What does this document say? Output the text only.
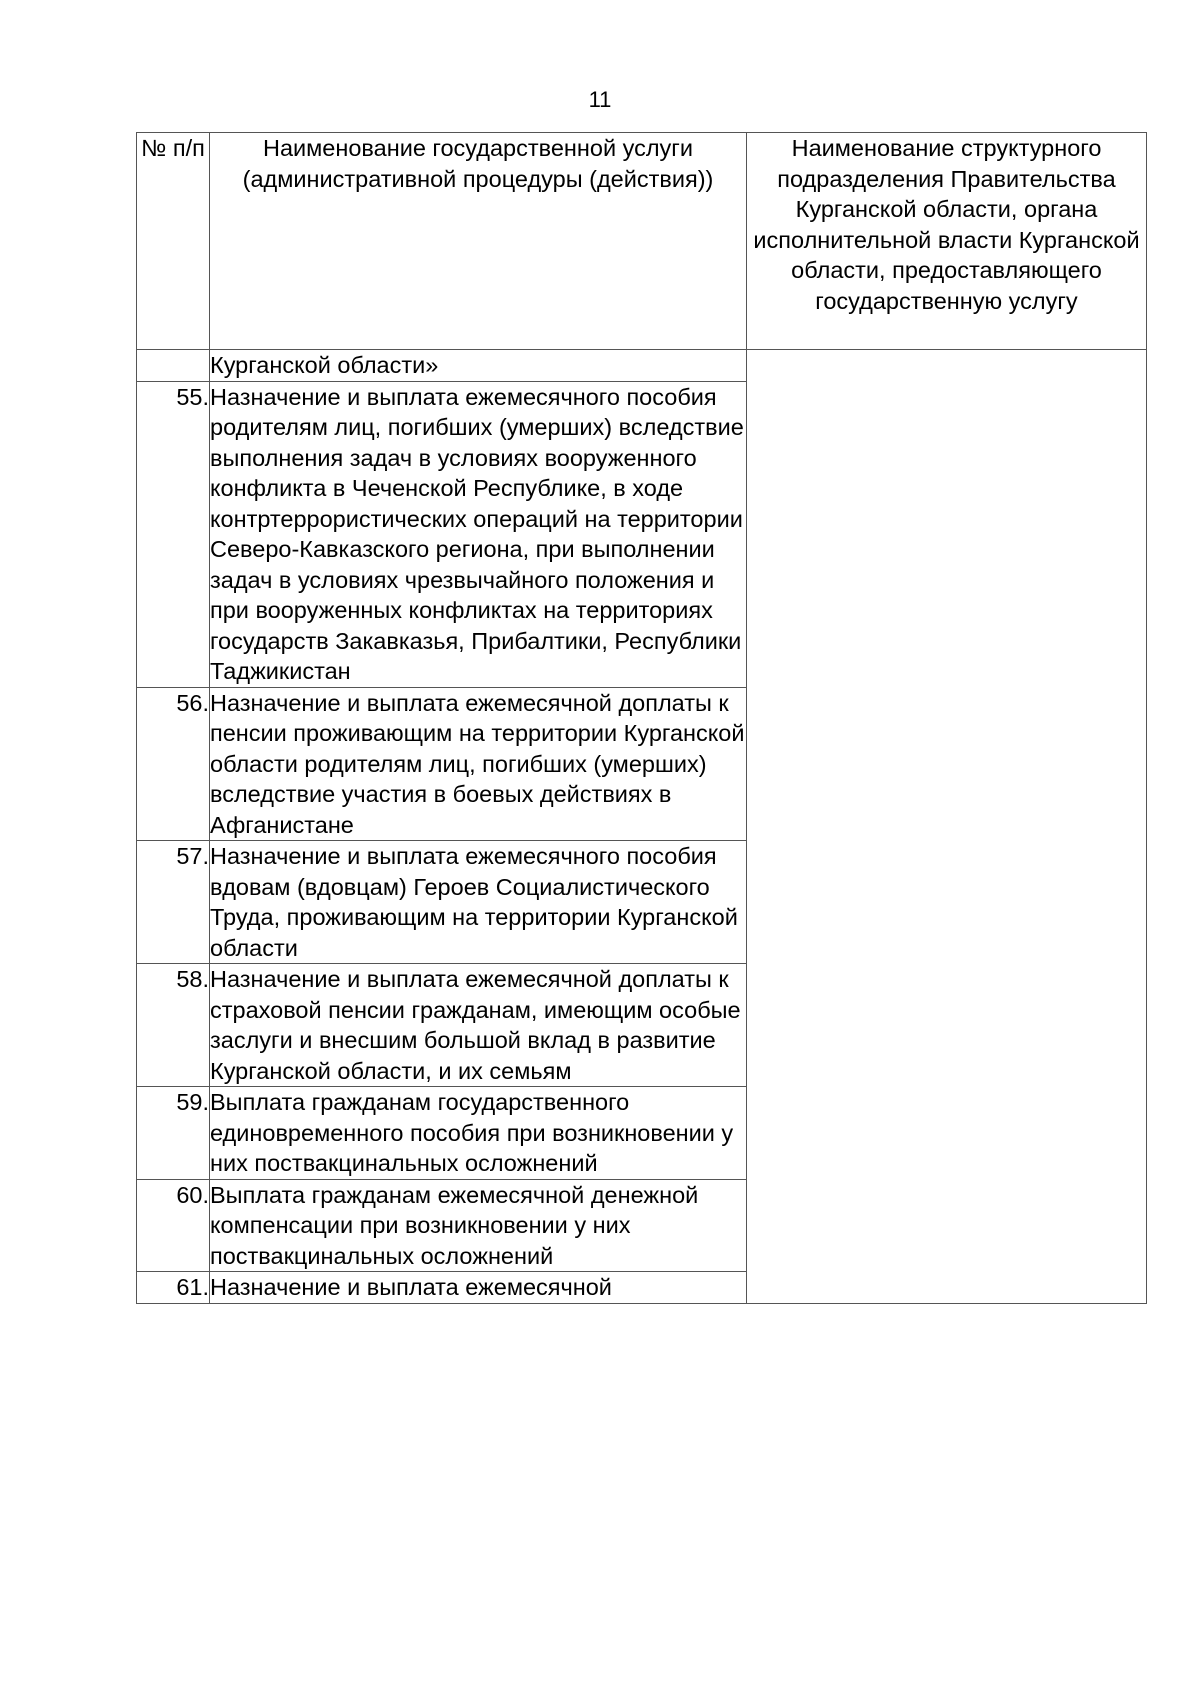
11
№ п/п	Наименование государственной услуги (административной процедуры (действия))	Наименование структурного подразделения Правительства Курганской области, органа исполнительной власти Курганской области, предоставляющего государственную услугу
	Курганской области»	
55.	Назначение и выплата ежемесячного пособия родителям лиц, погибших (умерших) вследствие выполнения задач в условиях вооруженного конфликта в Чеченской Республике, в ходе контртеррористических операций на территории Северо-Кавказского региона, при выполнении задач в условиях чрезвычайного положения и при вооруженных конфликтах на территориях государств Закавказья, Прибалтики, Республики Таджикистан	
56.	Назначение и выплата ежемесячной доплаты к пенсии проживающим на территории Курганской области родителям лиц, погибших (умерших) вследствие участия в боевых действиях в Афганистане	
57.	Назначение и выплата ежемесячного пособия вдовам (вдовцам) Героев Социалистического Труда, проживающим на территории Курганской области	
58.	Назначение и выплата ежемесячной доплаты к страховой пенсии гражданам, имеющим особые заслуги и внесшим большой вклад в развитие Курганской области, и их семьям	
59.	Выплата гражданам государственного единовременного пособия при возникновении у них поствакцинальных осложнений	
60.	Выплата гражданам ежемесячной денежной компенсации при возникновении у них поствакцинальных осложнений	
61.	Назначение и выплата ежемесячной	
